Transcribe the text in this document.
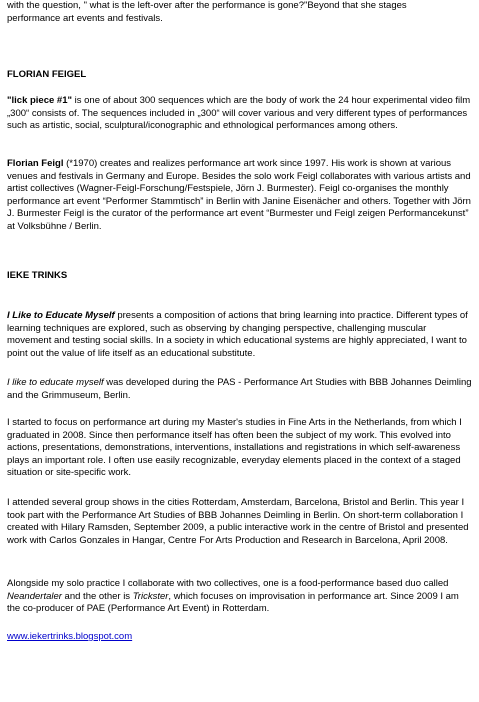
with the question, " what is the left-over after the performance is gone?"Beyond that she stages

performance art events and festivals.

FLORIAN FEIGEL

"lick piece #1" is one of about 300 sequences which are the body of work the 24 hour experimental video film „300“ consists of. The sequences included in „300“ will cover various and very different types of performances such as artistic, social, sculptural/iconographic and ethnological performances among others.

Florian Feigl (*1970) creates and realizes performance art work since 1997. His work is shown at various venues and festivals in Germany and Europe. Besides the solo work Feigl collaborates with various artists and artist collectives (Wagner-Feigl-Forschung/Festspiele, Jörn J. Burmester). Feigl co-organises the monthly performance art event “Performer Stammtisch” in Berlin with Janine Eisenächer and others. Together with Jörn J. Burmester Feigl is the curator of the performance art event “Burmester und Feigl zeigen Performancekunst” at Volksbühne / Berlin.

IEKE TRINKS

I Like to Educate Myself presents a composition of actions that bring learning into practice. Different types of learning techniques are explored, such as observing by changing perspective, challenging muscular movement and testing social skills. In a society in which educational systems are highly appreciated, I want to point out the value of life itself as an educational substitute.

I like to educate myself was developed during the PAS - Performance Art Studies with BBB Johannes Deimling and the Grimmuseum, Berlin.

I started to focus on performance art during my Master's studies in Fine Arts in the Netherlands, from which I graduated in 2008. Since then performance itself has often been the subject of my work. This evolved into actions, presentations, demonstrations, interventions, installations and registrations in which self-awareness plays an important role. I often use easily recognizable, everyday elements placed in the context of a staged situation or site-specific work.

I attended several group shows in the cities Rotterdam, Amsterdam, Barcelona, Bristol and Berlin. This year I took part with the Performance Art Studies of BBB Johannes Deimling in Berlin. On short-term collaboration I created with Hilary Ramsden, September 2009, a public interactive work in the centre of Bristol and presented work with Carlos Gonzales in Hangar, Centre For Arts Production and Research in Barcelona, April 2008.

Alongside my solo practice I collaborate with two collectives, one is a food-performance based duo called Neandertaler and the other is Trickster, which focuses on improvisation in performance art. Since 2009 I am the co-producer of PAE (Performance Art Event) in Rotterdam.

www.iekertrinks.blogspot.com
